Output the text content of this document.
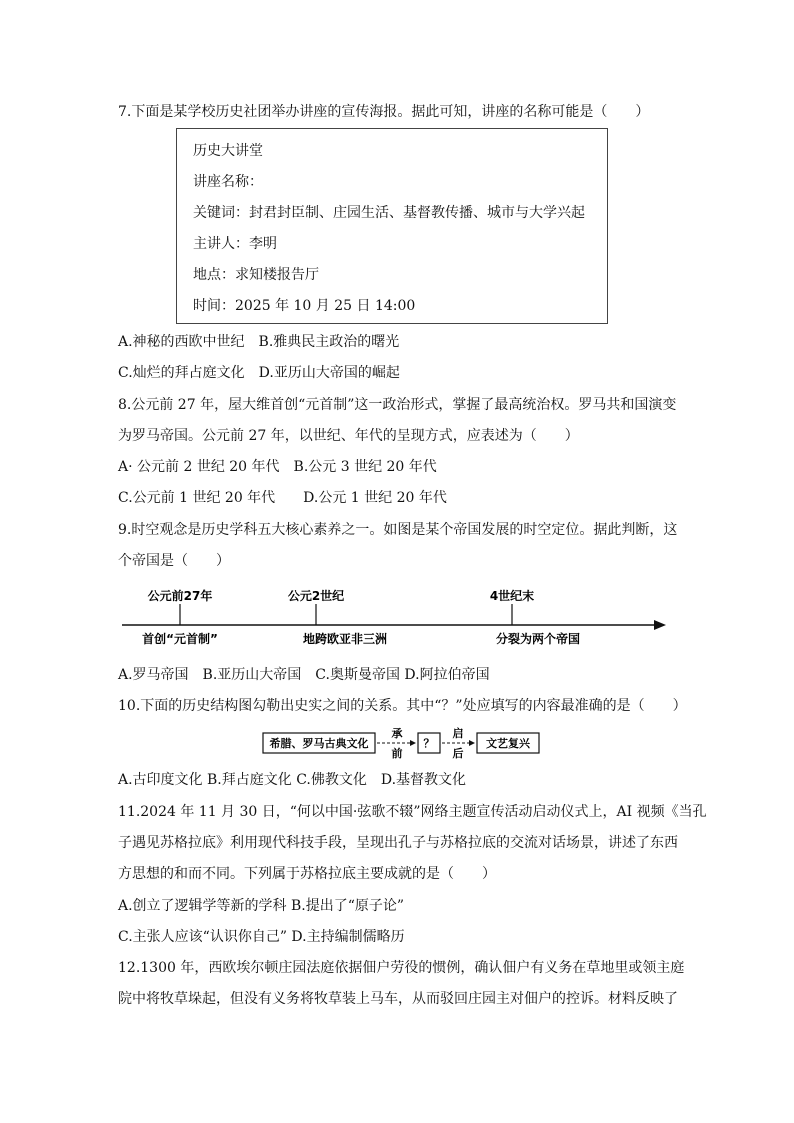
7.下面是某学校历史社团举办讲座的宣传海报。据此可知，讲座的名称可能是（　　）
历史大讲堂
讲座名称：
关键词：封君封臣制、庄园生活、基督教传播、城市与大学兴起
主讲人：李明
地点：求知楼报告厅
时间：2025 年 10 月 25 日 14:00
A.神秘的西欧中世纪　B.雅典民主政治的曙光
C.灿烂的拜占庭文化　D.亚历山大帝国的崛起
8.公元前 27 年，屋大维首创“元首制”这一政治形式，掌握了最高统治权。罗马共和国演变
为罗马帝国。公元前 27 年，以世纪、年代的呈现方式，应表述为（　　）
A· 公元前 2 世纪 20 年代　B.公元 3 世纪 20 年代
C.公元前 1 世纪 20 年代　　D.公元 1 世纪 20 年代
9.时空观念是历史学科五大核心素养之一。如图是某个帝国发展的时空定位。据此判断，这
个帝国是（　　）
公元前27年	公元2世纪	4世纪末
首创“元首制”	地跨欧亚非三洲	分裂为两个帝国
A.罗马帝国　B.亚历山大帝国　C.奥斯曼帝国 D.阿拉伯帝国
10.下面的历史结构图勾勒出史实之间的关系。其中“？”处应填写的内容最准确的是（　　）
希腊、罗马古典文化
承
前
？
启
后
文艺复兴
A.古印度文化 B.拜占庭文化 C.佛教文化　D.基督教文化
11.2024 年 11 月 30 日，“何以中国·弦歌不辍”网络主题宣传活动启动仪式上，AI 视频《当孔
子遇见苏格拉底》利用现代科技手段，呈现出孔子与苏格拉底的交流对话场景，讲述了东西
方思想的和而不同。下列属于苏格拉底主要成就的是（　　）
A.创立了逻辑学等新的学科 B.提出了“原子论”
C.主张人应该“认识你自己” D.主持编制儒略历
12.1300 年，西欧埃尔顿庄园法庭依据佃户劳役的惯例，确认佃户有义务在草地里或领主庭
院中将牧草垛起，但没有义务将牧草装上马车，从而驳回庄园主对佃户的控诉。材料反映了
